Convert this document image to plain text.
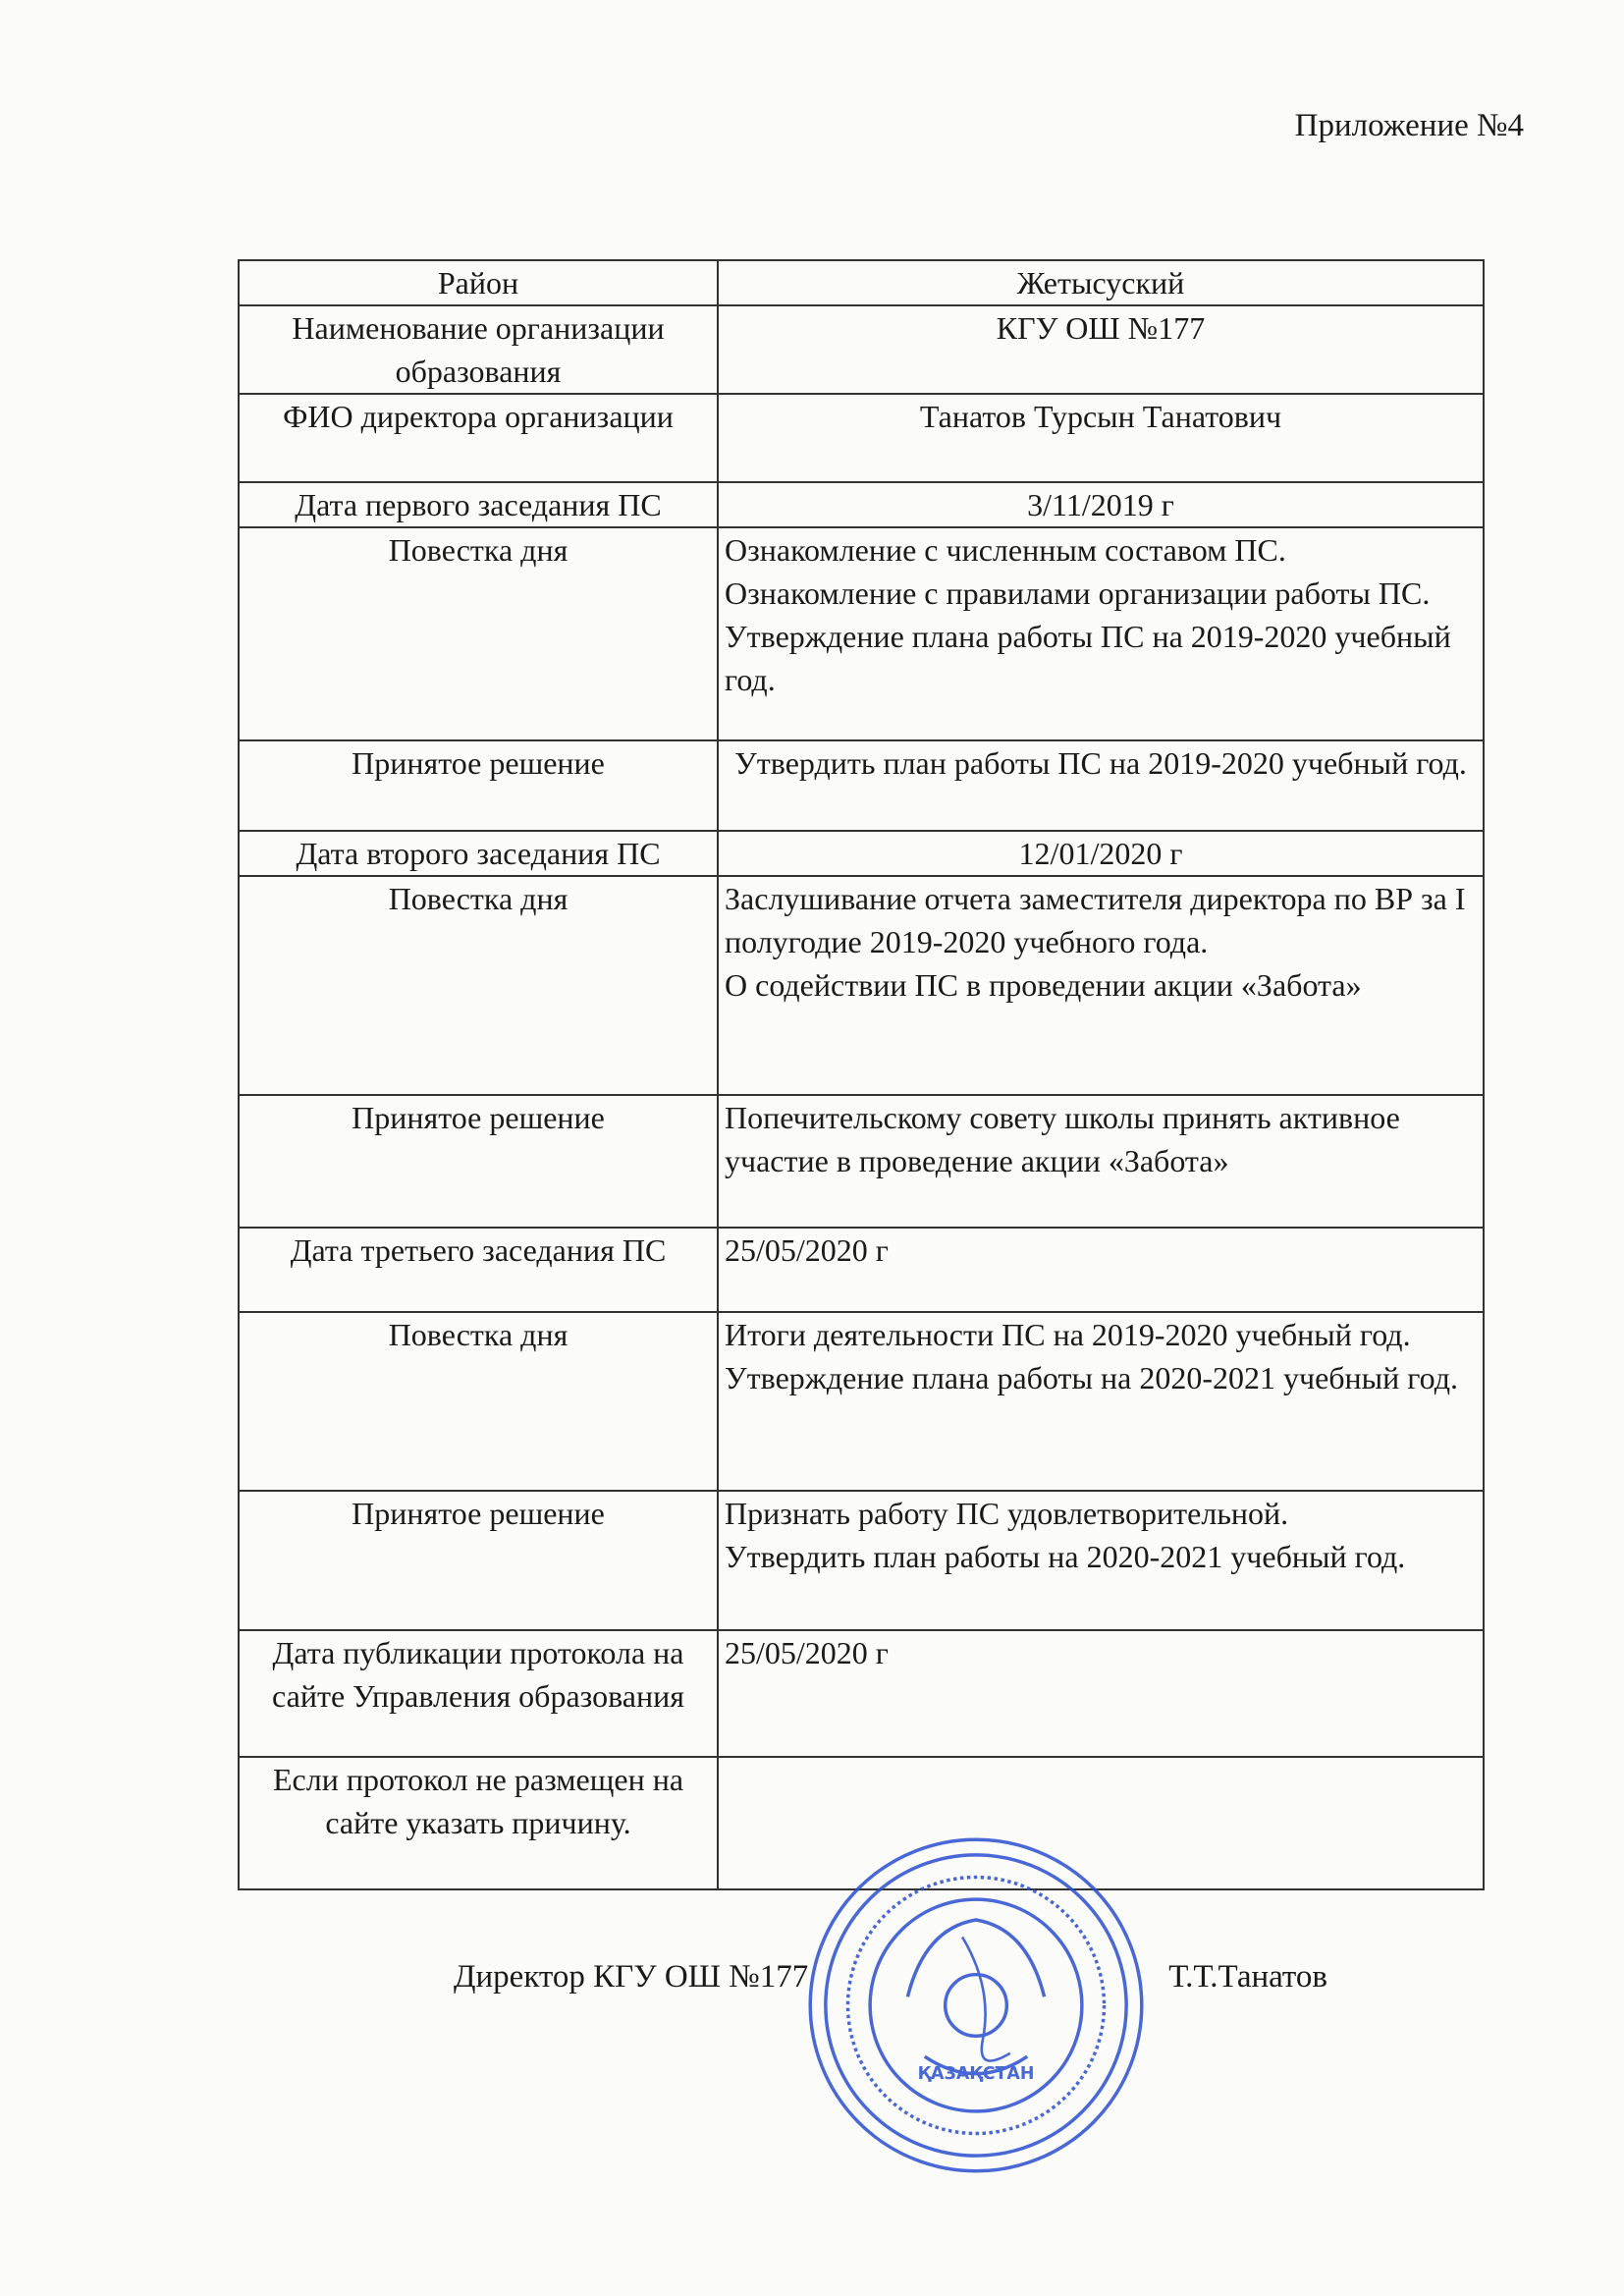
Приложение №4
Район	Жетысуский
Наименование организации образования	КГУ ОШ №177
ФИО директора организации	Танатов Турсын Танатович
Дата первого заседания ПС	3/11/2019 г
Повестка дня	Ознакомление с численным составом ПС.
Ознакомление с правилами организации работы ПС.
Утверждение плана работы ПС на 2019-2020 учебный год.
Принятое решение	Утвердить план работы ПС на 2019-2020 учебный год.
Дата второго заседания ПС	12/01/2020 г
Повестка дня	Заслушивание отчета заместителя директора по ВР за I полугодие 2019-2020 учебного года.
О содействии ПС в проведении акции «Забота»
Принятое решение	Попечительскому совету школы принять активное участие в проведение акции «Забота»
Дата третьего заседания ПС	25/05/2020 г
Повестка дня	Итоги деятельности ПС на 2019-2020 учебный год.
Утверждение плана работы на 2020-2021 учебный год.
Принятое решение	Признать работу ПС удовлетворительной.
Утвердить план работы на 2020-2021 учебный год.
Дата публикации протокола на сайте Управления образования	25/05/2020 г
Если протокол не размещен на сайте указать причину.	
Директор КГУ ОШ №177	Т.Т.Танатов
ҚАЗАҚСТАН
